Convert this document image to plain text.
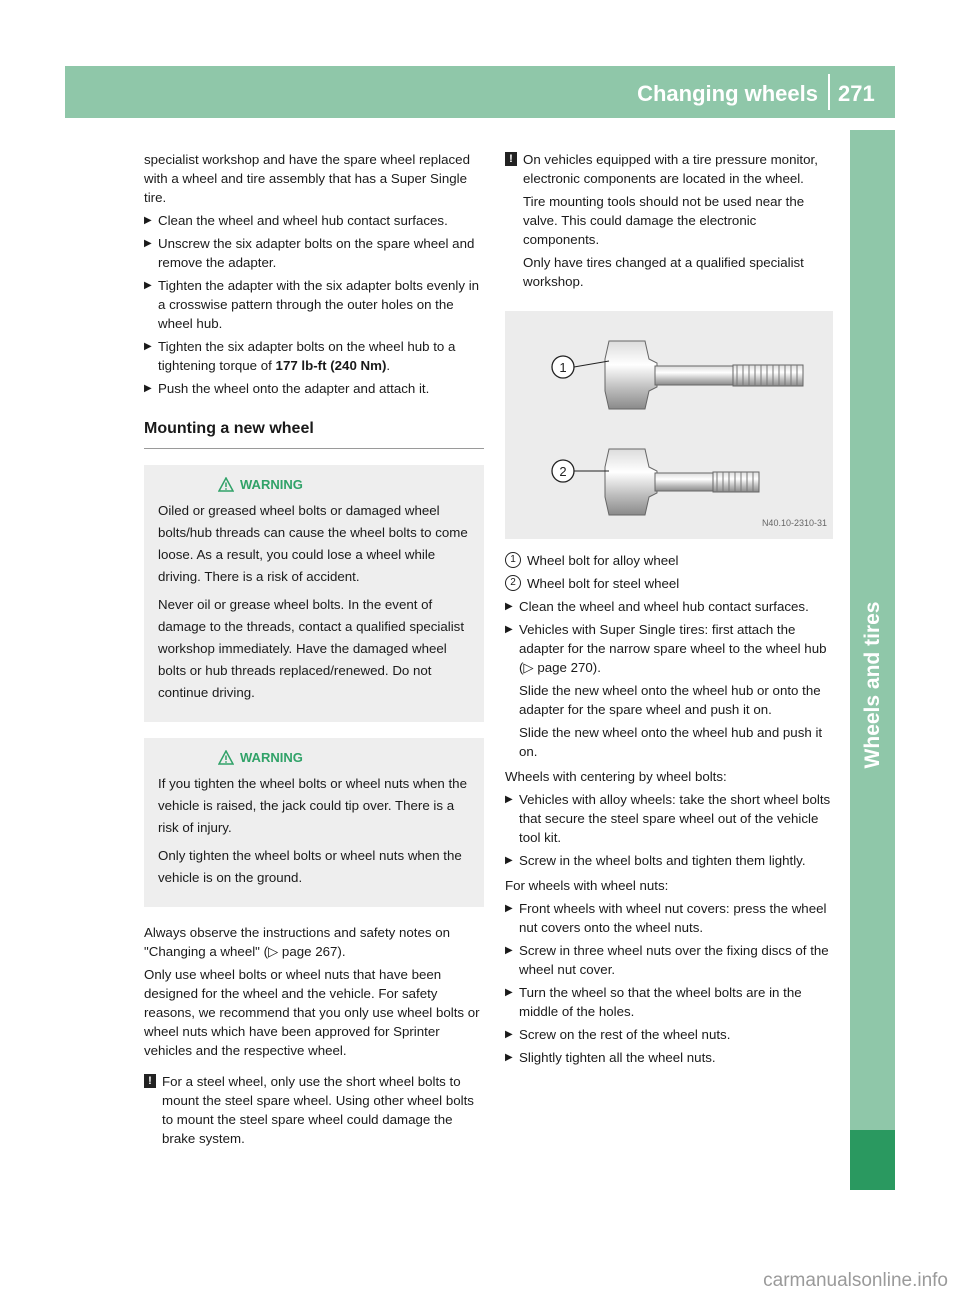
Changing wheels 271
Wheels and tires

specialist workshop and have the spare wheel replaced with a wheel and tire assembly that has a Super Single tire.

▶ Clean the wheel and wheel hub contact surfaces.
▶ Unscrew the six adapter bolts on the spare wheel and remove the adapter.
▶ Tighten the adapter with the six adapter bolts evenly in a crosswise pattern through the outer holes on the wheel hub.
▶ Tighten the six adapter bolts on the wheel hub to a tightening torque of 177 lb-ft (240 Nm).
▶ Push the wheel onto the adapter and attach it.
Mounting a new wheel
WARNING

Oiled or greased wheel bolts or damaged wheel bolts/hub threads can cause the wheel bolts to come loose. As a result, you could lose a wheel while driving. There is a risk of accident.

Never oil or grease wheel bolts. In the event of damage to the threads, contact a qualified specialist workshop immediately. Have the damaged wheel bolts or hub threads replaced/renewed. Do not continue driving.

WARNING

If you tighten the wheel bolts or wheel nuts when the vehicle is raised, the jack could tip over. There is a risk of injury.

Only tighten the wheel bolts or wheel nuts when the vehicle is on the ground.

Always observe the instructions and safety notes on "Changing a wheel" (▷ page 267).

Only use wheel bolts or wheel nuts that have been designed for the wheel and the vehicle. For safety reasons, we recommend that you only use wheel bolts or wheel nuts which have been approved for Sprinter vehicles and the respective wheel.

! For a steel wheel, only use the short wheel bolts to mount the steel spare wheel. Using other wheel bolts to mount the steel spare wheel could damage the brake system.
! On vehicles equipped with a tire pressure monitor, electronic components are located in the wheel.

Tire mounting tools should not be used near the valve. This could damage the electronic components.

Only have tires changed at a qualified specialist workshop.

1
2
N40.10-2310-31
1 Wheel bolt for alloy wheel
2 Wheel bolt for steel wheel
▶ Clean the wheel and wheel hub contact surfaces.
▶ Vehicles with Super Single tires: first attach the adapter for the narrow spare wheel to the wheel hub (▷ page 270).

Slide the new wheel onto the wheel hub or onto the adapter for the spare wheel and push it on.

Slide the new wheel onto the wheel hub and push it on.

Wheels with centering by wheel bolts:

▶ Vehicles with alloy wheels: take the short wheel bolts that secure the steel spare wheel out of the vehicle tool kit.
▶ Screw in the wheel bolts and tighten them lightly.

For wheels with wheel nuts:

▶ Front wheels with wheel nut covers: press the wheel nut covers onto the wheel nuts.
▶ Screw in three wheel nuts over the fixing discs of the wheel nut cover.
▶ Turn the wheel so that the wheel bolts are in the middle of the holes.
▶ Screw on the rest of the wheel nuts.
▶ Slightly tighten all the wheel nuts.
carmanualsonline.info
